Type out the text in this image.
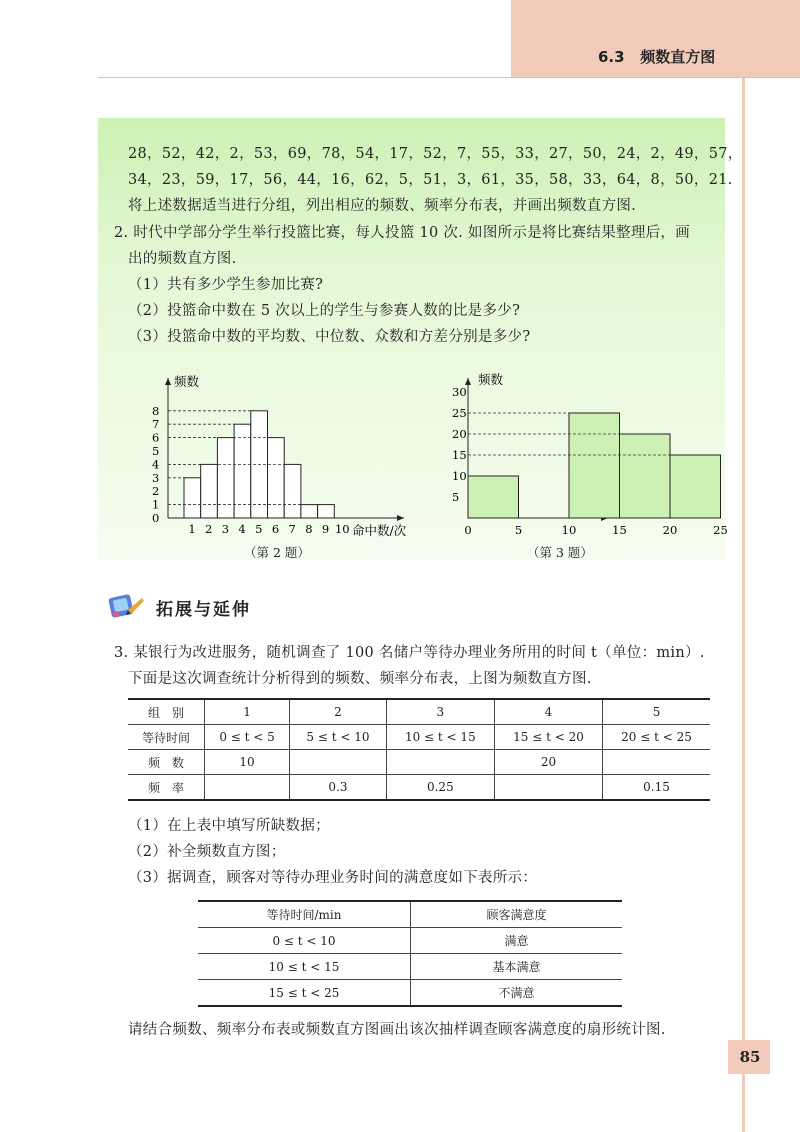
6.3 频数直方图
28，52，42，2，53，69，78，54，17，52，7，55，33，27，50，24，2，49，57，
34，23，59，17，56，44，16，62，5，51，3，61，35，58，33，64，8，50，21.
将上述数据适当进行分组，列出相应的频数、频率分布表，并画出频数直方图.
2. 时代中学部分学生举行投篮比赛，每人投篮 10 次. 如图所示是将比赛结果整理后，画
出的频数直方图.
（1）共有多少学生参加比赛?
（2）投篮命中数在 5 次以上的学生与参赛人数的比是多少?
（3）投篮命中数的平均数、中位数、众数和方差分别是多少?
频数
命中数/次
0
1
2
3
4
5
6
7
8
1 2 3 4 5 6 7 8 9 10
（第 2 题）
频数
5
10
15
20
25
30
0	5	10	15	20	25
（第 3 题）
拓展与延伸
3. 某银行为改进服务，随机调查了 100 名储户等待办理业务所用的时间 t（单位：min）.
下面是这次调查统计分析得到的频数、频率分布表，上图为频数直方图.
组　别	1	2	3	4	5
等待时间	0 ≤ t < 5	5 ≤ t < 10	10 ≤ t < 15	15 ≤ t < 20	20 ≤ t < 25
频　数	10			20	
频　率		0.3	0.25		0.15
（1）在上表中填写所缺数据；
（2）补全频数直方图；
（3）据调查，顾客对等待办理业务时间的满意度如下表所示：
等待时间/min	顾客满意度
0 ≤ t < 10	满意
10 ≤ t < 15	基本满意
15 ≤ t < 25	不满意
请结合频数、频率分布表或频数直方图画出该次抽样调查顾客满意度的扇形统计图.
85
